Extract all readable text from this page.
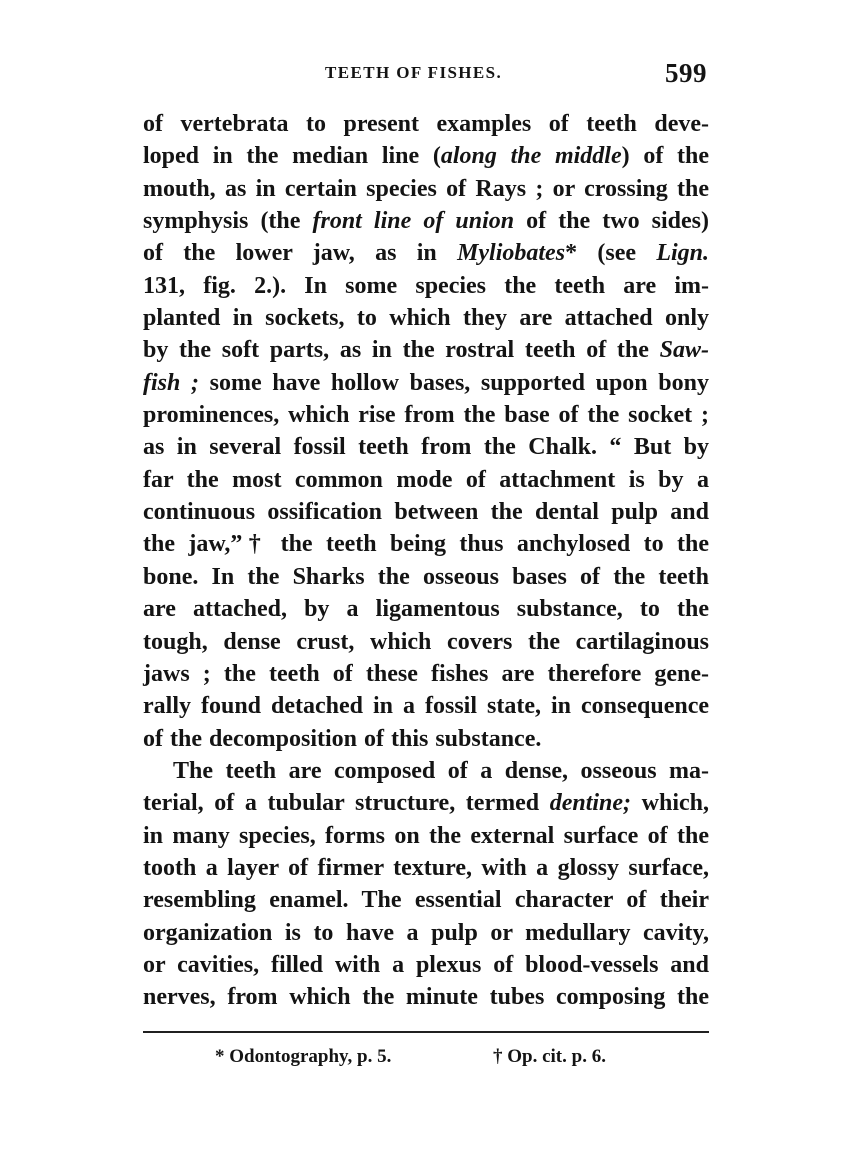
TEETH OF FISHES.	599
of vertebrata to present examples of teeth deve-
loped in the median line (along the middle) of the
mouth, as in certain species of Rays ; or crossing the
symphysis (the front line of union of the two sides)
of the lower jaw, as in Myliobates* (see Lign.
131, fig. 2.). In some species the teeth are im-
planted in sockets, to which they are attached only
by the soft parts, as in the rostral teeth of the Saw-
fish ; some have hollow bases, supported upon bony
prominences, which rise from the base of the socket ;
as in several fossil teeth from the Chalk. “ But by
far the most common mode of attachment is by a
continuous ossification between the dental pulp and
the jaw,”† the teeth being thus anchylosed to the
bone. In the Sharks the osseous bases of the teeth
are attached, by a ligamentous substance, to the
tough, dense crust, which covers the cartilaginous
jaws ; the teeth of these fishes are therefore gene-
rally found detached in a fossil state, in consequence
of the decomposition of this substance.
The teeth are composed of a dense, osseous ma-
terial, of a tubular structure, termed dentine; which,
in many species, forms on the external surface of the
tooth a layer of firmer texture, with a glossy surface,
resembling enamel. The essential character of their
organization is to have a pulp or medullary cavity,
or cavities, filled with a plexus of blood-vessels and
nerves, from which the minute tubes composing the
* Odontography, p. 5.	† Op. cit. p. 6.
